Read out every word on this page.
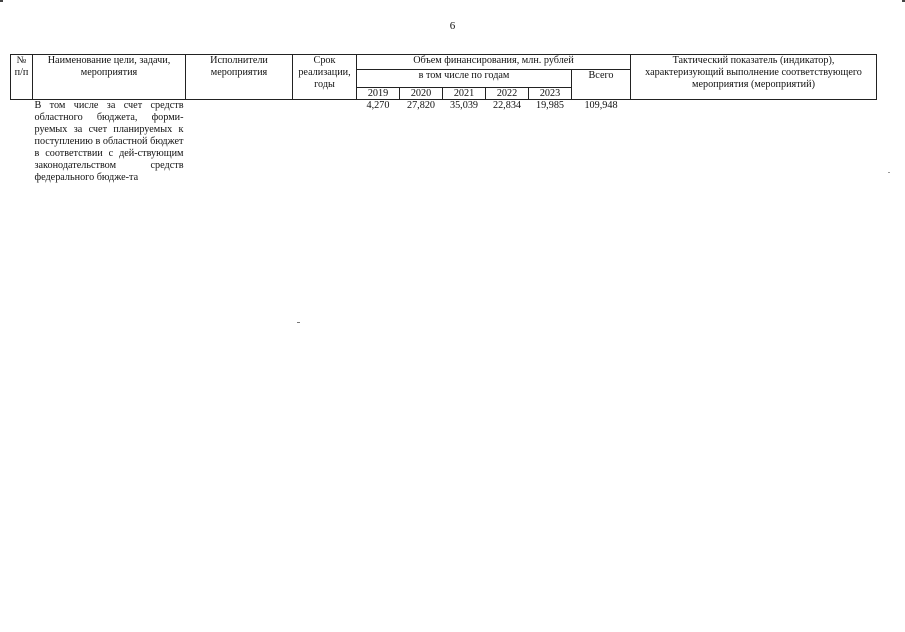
6
№ п/п	Наименование цели, задачи, мероприятия	Исполнители мероприятия	Срок реализации, годы	Объем финансирования, млн. рублей						Тактический показатель (индикатор), характеризующий выполнение соответствующего мероприятия (мероприятий)
				в том числе по годам					Всего	
				2019	2020	2021	2022	2023		
	В том числе за счет средств областного бюджета, форми-руемых за счет планируемых к поступлению в областной бюджет в соответствии с дей-ствующим законодательством средств федерального бюдже-та			4,270	27,820	35,039	22,834	19,985	109,948	
